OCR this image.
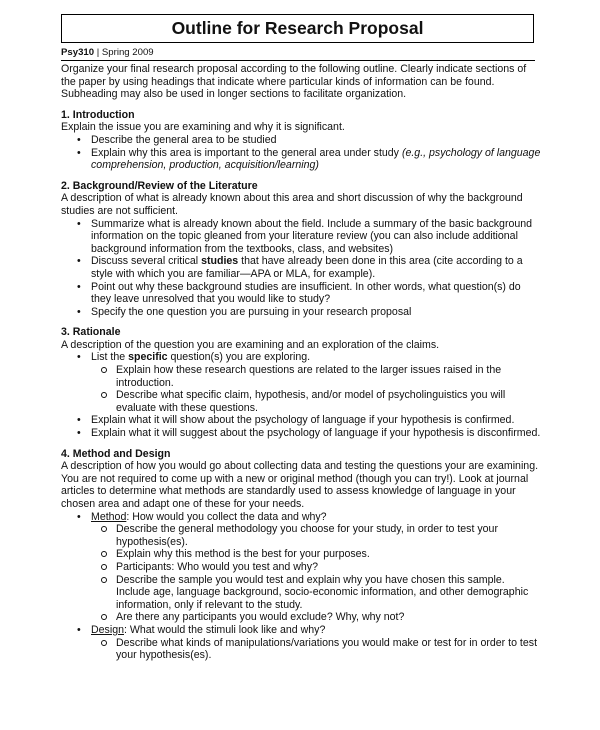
Outline for Research Proposal
Psy310 | Spring 2009

Organize your final research proposal according to the following outline. Clearly indicate sections of the paper by using headings that indicate where particular kinds of information can be found. Subheading may also be used in longer sections to facilitate organization.

1. Introduction

Explain the issue you are examining and why it is significant.

• Describe the general area to be studied
• Explain why this area is important to the general area under study (e.g., psychology of language comprehension, production, acquisition/learning)

2. Background/Review of the Literature

A description of what is already known about this area and short discussion of why the background studies are not sufficient.

• Summarize what is already known about the field. Include a summary of the basic background information on the topic gleaned from your literature review (you can also include additional background information from the textbooks, class, and websites)
• Discuss several critical studies that have already been done in this area (cite according to a style with which you are familiar—APA or MLA, for example).
• Point out why these background studies are insufficient. In other words, what question(s) do they leave unresolved that you would like to study?
• Specify the one question you are pursuing in your research proposal

3. Rationale

A description of the question you are examining and an exploration of the claims.

• List the specific question(s) you are exploring.
Explain how these research questions are related to the larger issues raised in the introduction.
Describe what specific claim, hypothesis, and/or model of psycholinguistics you will evaluate with these questions.
• Explain what it will show about the psychology of language if your hypothesis is confirmed.
• Explain what it will suggest about the psychology of language if your hypothesis is disconfirmed.

4. Method and Design

A description of how you would go about collecting data and testing the questions your are examining. You are not required to come up with a new or original method (though you can try!). Look at journal articles to determine what methods are standardly used to assess knowledge of language in your chosen area and adapt one of these for your needs.

• Method: How would you collect the data and why?
Describe the general methodology you choose for your study, in order to test your hypothesis(es).
Explain why this method is the best for your purposes.
Participants: Who would you test and why?
Describe the sample you would test and explain why you have chosen this sample. Include age, language background, socio-economic information, and other demographic information, only if relevant to the study.
Are there any participants you would exclude? Why, why not?
• Design: What would the stimuli look like and why?
Describe what kinds of manipulations/variations you would make or test for in order to test your hypothesis(es).
